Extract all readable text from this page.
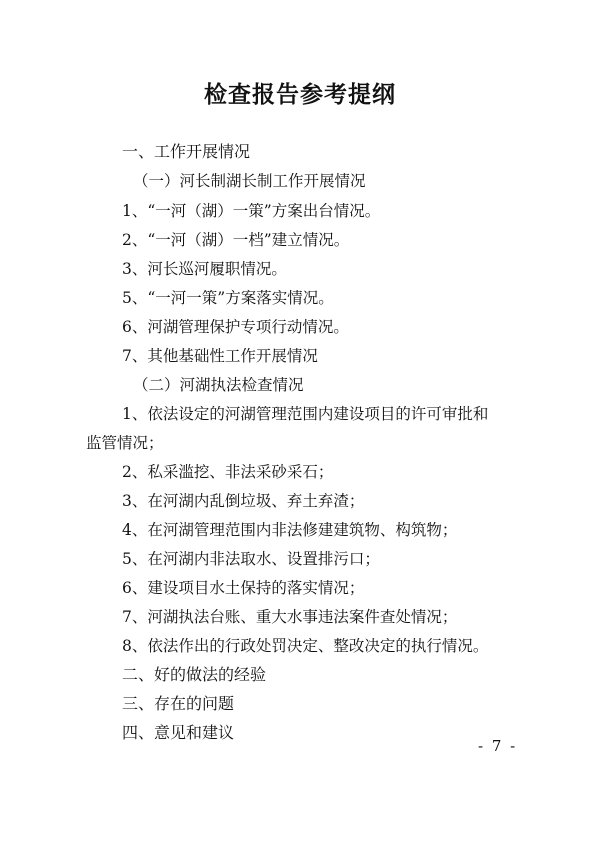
检查报告参考提纲
一、工作开展情况
（一）河长制湖长制工作开展情况
1、“一河（湖）一策”方案出台情况。
2、“一河（湖）一档”建立情况。
3、河长巡河履职情况。
5、“一河一策”方案落实情况。
6、河湖管理保护专项行动情况。
7、其他基础性工作开展情况
（二）河湖执法检查情况
1、依法设定的河湖管理范围内建设项目的许可审批和
监管情况；
2、私采滥挖、非法采砂采石；
3、在河湖内乱倒垃圾、弃土弃渣；
4、在河湖管理范围内非法修建建筑物、构筑物；
5、在河湖内非法取水、设置排污口；
6、建设项目水土保持的落实情况；
7、河湖执法台账、重大水事违法案件查处情况；
8、依法作出的行政处罚决定、整改决定的执行情况。
二、好的做法的经验
三、存在的问题
四、意见和建议
- 7 -
